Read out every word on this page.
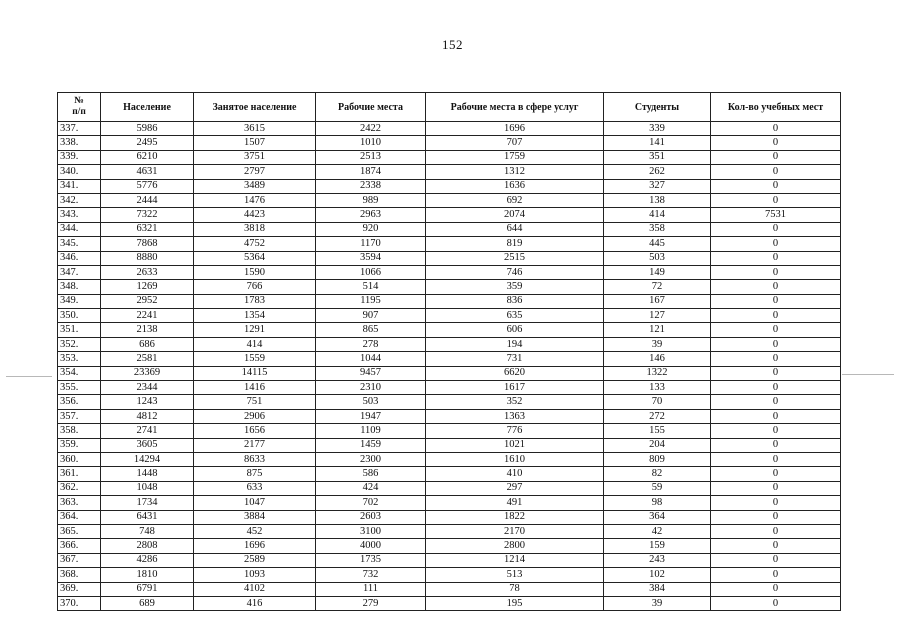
152
№
п/п	Население	Занятое население	Рабочие места	Рабочие места в сфере услуг	Студенты	Кол-во учебных мест
337.	5986	3615	2422	1696	339	0
338.	2495	1507	1010	707	141	0
339.	6210	3751	2513	1759	351	0
340.	4631	2797	1874	1312	262	0
341.	5776	3489	2338	1636	327	0
342.	2444	1476	989	692	138	0
343.	7322	4423	2963	2074	414	7531
344.	6321	3818	920	644	358	0
345.	7868	4752	1170	819	445	0
346.	8880	5364	3594	2515	503	0
347.	2633	1590	1066	746	149	0
348.	1269	766	514	359	72	0
349.	2952	1783	1195	836	167	0
350.	2241	1354	907	635	127	0
351.	2138	1291	865	606	121	0
352.	686	414	278	194	39	0
353.	2581	1559	1044	731	146	0
354.	23369	14115	9457	6620	1322	0
355.	2344	1416	2310	1617	133	0
356.	1243	751	503	352	70	0
357.	4812	2906	1947	1363	272	0
358.	2741	1656	1109	776	155	0
359.	3605	2177	1459	1021	204	0
360.	14294	8633	2300	1610	809	0
361.	1448	875	586	410	82	0
362.	1048	633	424	297	59	0
363.	1734	1047	702	491	98	0
364.	6431	3884	2603	1822	364	0
365.	748	452	3100	2170	42	0
366.	2808	1696	4000	2800	159	0
367.	4286	2589	1735	1214	243	0
368.	1810	1093	732	513	102	0
369.	6791	4102	111	78	384	0
370.	689	416	279	195	39	0
